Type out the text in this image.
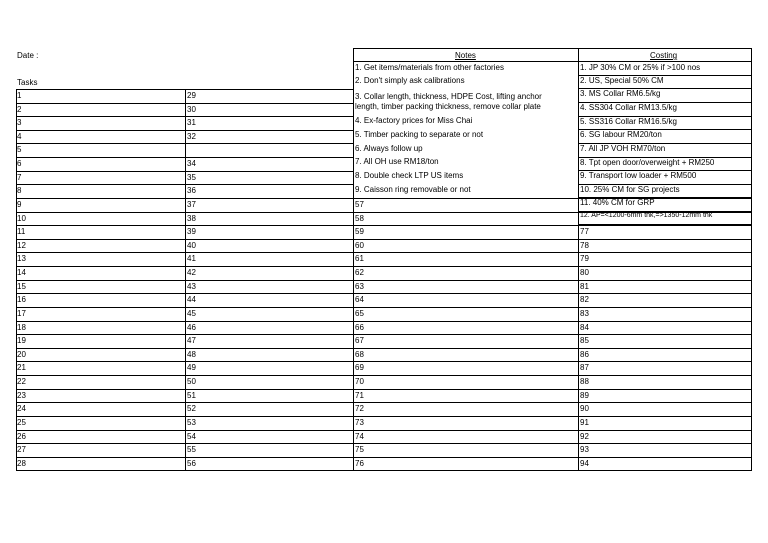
Date :
Tasks
Notes	Costing
1
2
3
4
5
6
7
8
9
10
11
12
13
14
15
16
17
18
19
20
21
22
23
24
25
26
27
28
29
30
31
32
34
35
36
37
38
39
40
41
42
43
44
45
46
47
48
49
50
51
52
53
54
55
56
57
58
59
60
61
62
63
64
65
66
67
68
69
70
71
72
73
74
75
76
77
78
79
80
81
82
83
84
85
86
87
88
89
90
91
92
93
94
1. Get items/materials from other factories
2. Don't simply ask calibrations
3. Collar length, thickness, HDPE Cost, lifting anchor
length, timber packing thickness, remove collar plate
4. Ex-factory prices for Miss Chai
5. Timber packing to separate or not
6. Always follow up
7. All OH use RM18/ton
8. Double check LTP US items
9. Caisson ring removable or not
1. JP 30% CM or 25% if >100 nos
2. US, Special 50% CM
3. MS Collar RM6.5/kg
4. SS304 Collar RM13.5/kg
5. SS316 Collar RM16.5/kg
6. SG labour RM20/ton
7. All JP VOH RM70/ton
8. Tpt open door/overweight + RM250
9. Transport low loader + RM500
10. 25% CM for SG projects
11. 40% CM for GRP
12. AP=<1200-6mm thk,=>1350-12mm thk
